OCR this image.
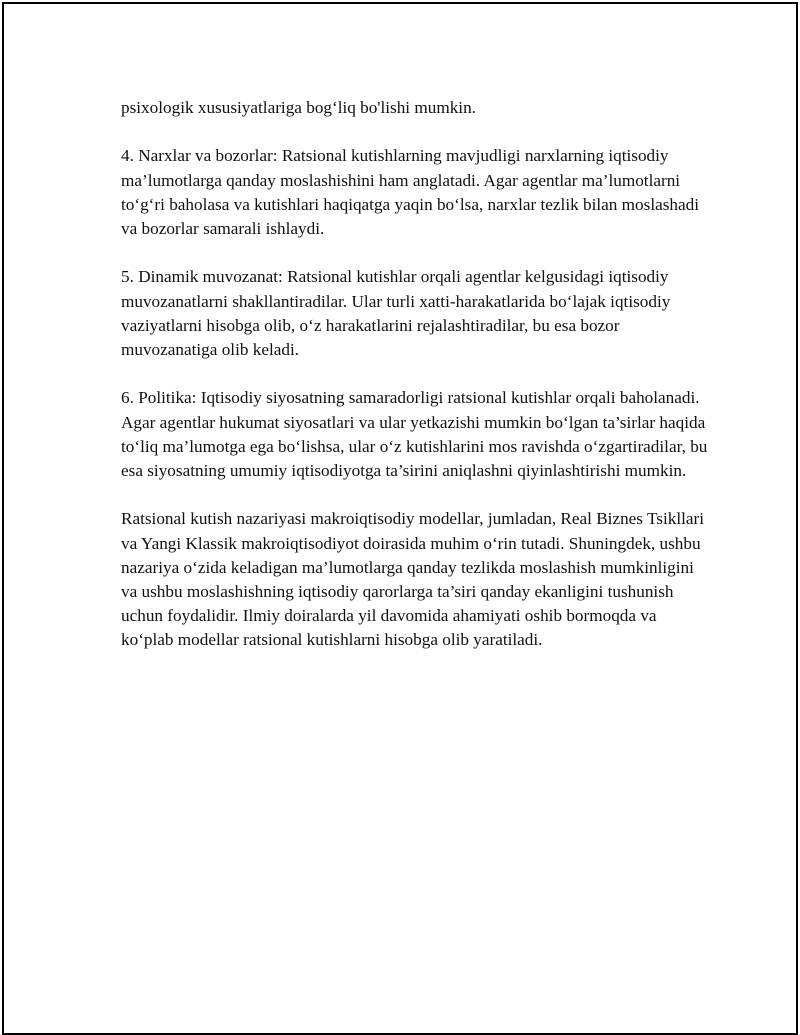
psixologik xususiyatlariga bog‘liq bo'lishi mumkin.

4. Narxlar va bozorlar: Ratsional kutishlarning mavjudligi narxlarning iqtisodiy ma’lumotlarga qanday moslashishini ham anglatadi. Agar agentlar ma’lumotlarni to‘g‘ri baholasa va kutishlari haqiqatga yaqin bo‘lsa, narxlar tezlik bilan moslashadi va bozorlar samarali ishlaydi.

5. Dinamik muvozanat: Ratsional kutishlar orqali agentlar kelgusidagi iqtisodiy muvozanatlarni shakllantiradilar. Ular turli xatti-harakatlarida bo‘lajak iqtisodiy vaziyatlarni hisobga olib, o‘z harakatlarini rejalashtiradilar, bu esa bozor muvozanatiga olib keladi.

6. Politika: Iqtisodiy siyosatning samaradorligi ratsional kutishlar orqali baholanadi. Agar agentlar hukumat siyosatlari va ular yetkazishi mumkin bo‘lgan ta’sirlar haqida to‘liq ma’lumotga ega bo‘lishsa, ular o‘z kutishlarini mos ravishda o‘zgartiradilar, bu esa siyosatning umumiy iqtisodiyotga ta’sirini aniqlashni qiyinlashtirishi mumkin.

Ratsional kutish nazariyasi makroiqtisodiy modellar, jumladan, Real Biznes Tsikllari va Yangi Klassik makroiqtisodiyot doirasida muhim o‘rin tutadi. Shuningdek, ushbu nazariya o‘zida keladigan ma’lumotlarga qanday tezlikda moslashish mumkinligini va ushbu moslashishning iqtisodiy qarorlarga ta’siri qanday ekanligini tushunish uchun foydalidir. Ilmiy doiralarda yil davomida ahamiyati oshib bormoqda va ko‘plab modellar ratsional kutishlarni hisobga olib yaratiladi.
